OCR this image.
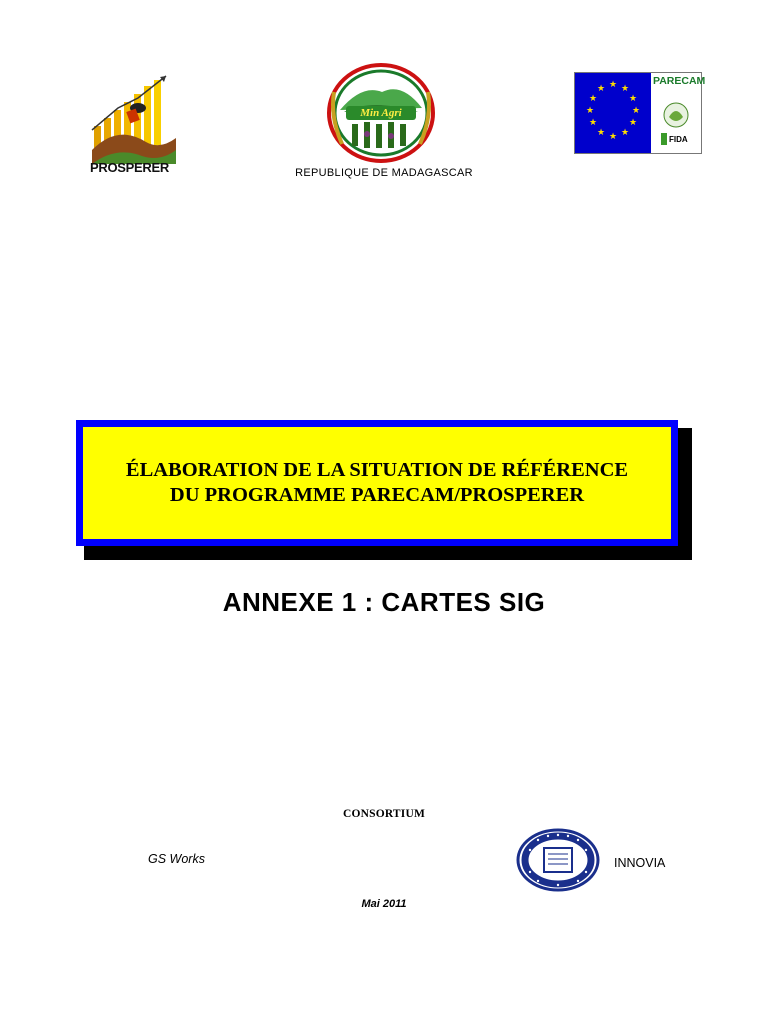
PROSPERER
Min Agri
★ ★
★
★
★
★
★
★
★
★
★
★
PARECAM
FIDA
REPUBLIQUE DE MADAGASCAR
ÉLABORATION DE LA SITUATION DE RÉFÉRENCE
DU PROGRAMME PARECAM/PROSPERER
ANNEXE 1 : CARTES SIG
CONSORTIUM
GS Works	INNOVIA
Mai 2011
